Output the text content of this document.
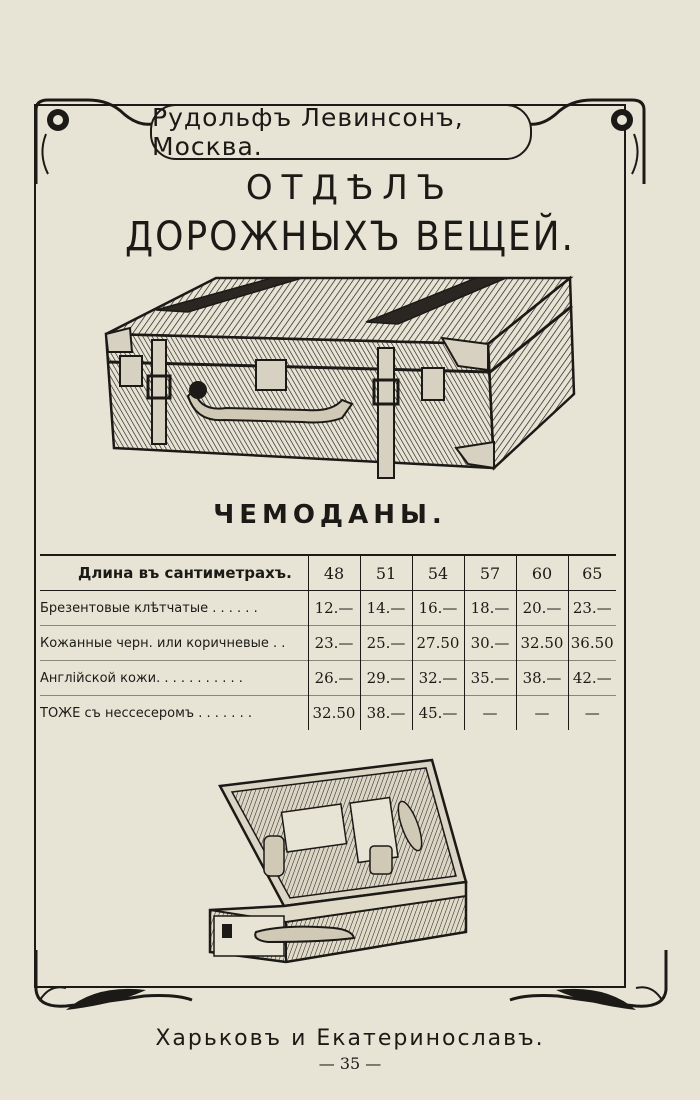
Рудольфъ Левинсонъ, Москва.
ОТДѢЛЪ
ДОРОЖНЫХЪ ВЕЩЕЙ.
ЧЕМОДАНЫ.
Длина въ сантиметрахъ.	48	51	54	57	60	65
Брезентовые клѣтчатые . . . . . .	12.—	14.—	16.—	18.—	20.—	23.—
Кожанные черн. или коричневые . .	23.—	25.—	27.50	30.—	32.50	36.50
Англійской кожи. . . . . . . . . . .	26.—	29.—	32.—	35.—	38.—	42.—
ТОЖЕ съ нессесеромъ . . . . . . .	32.50	38.—	45.—	—	—	—
Харьковъ и Екатеринославъ.
— 35 —
